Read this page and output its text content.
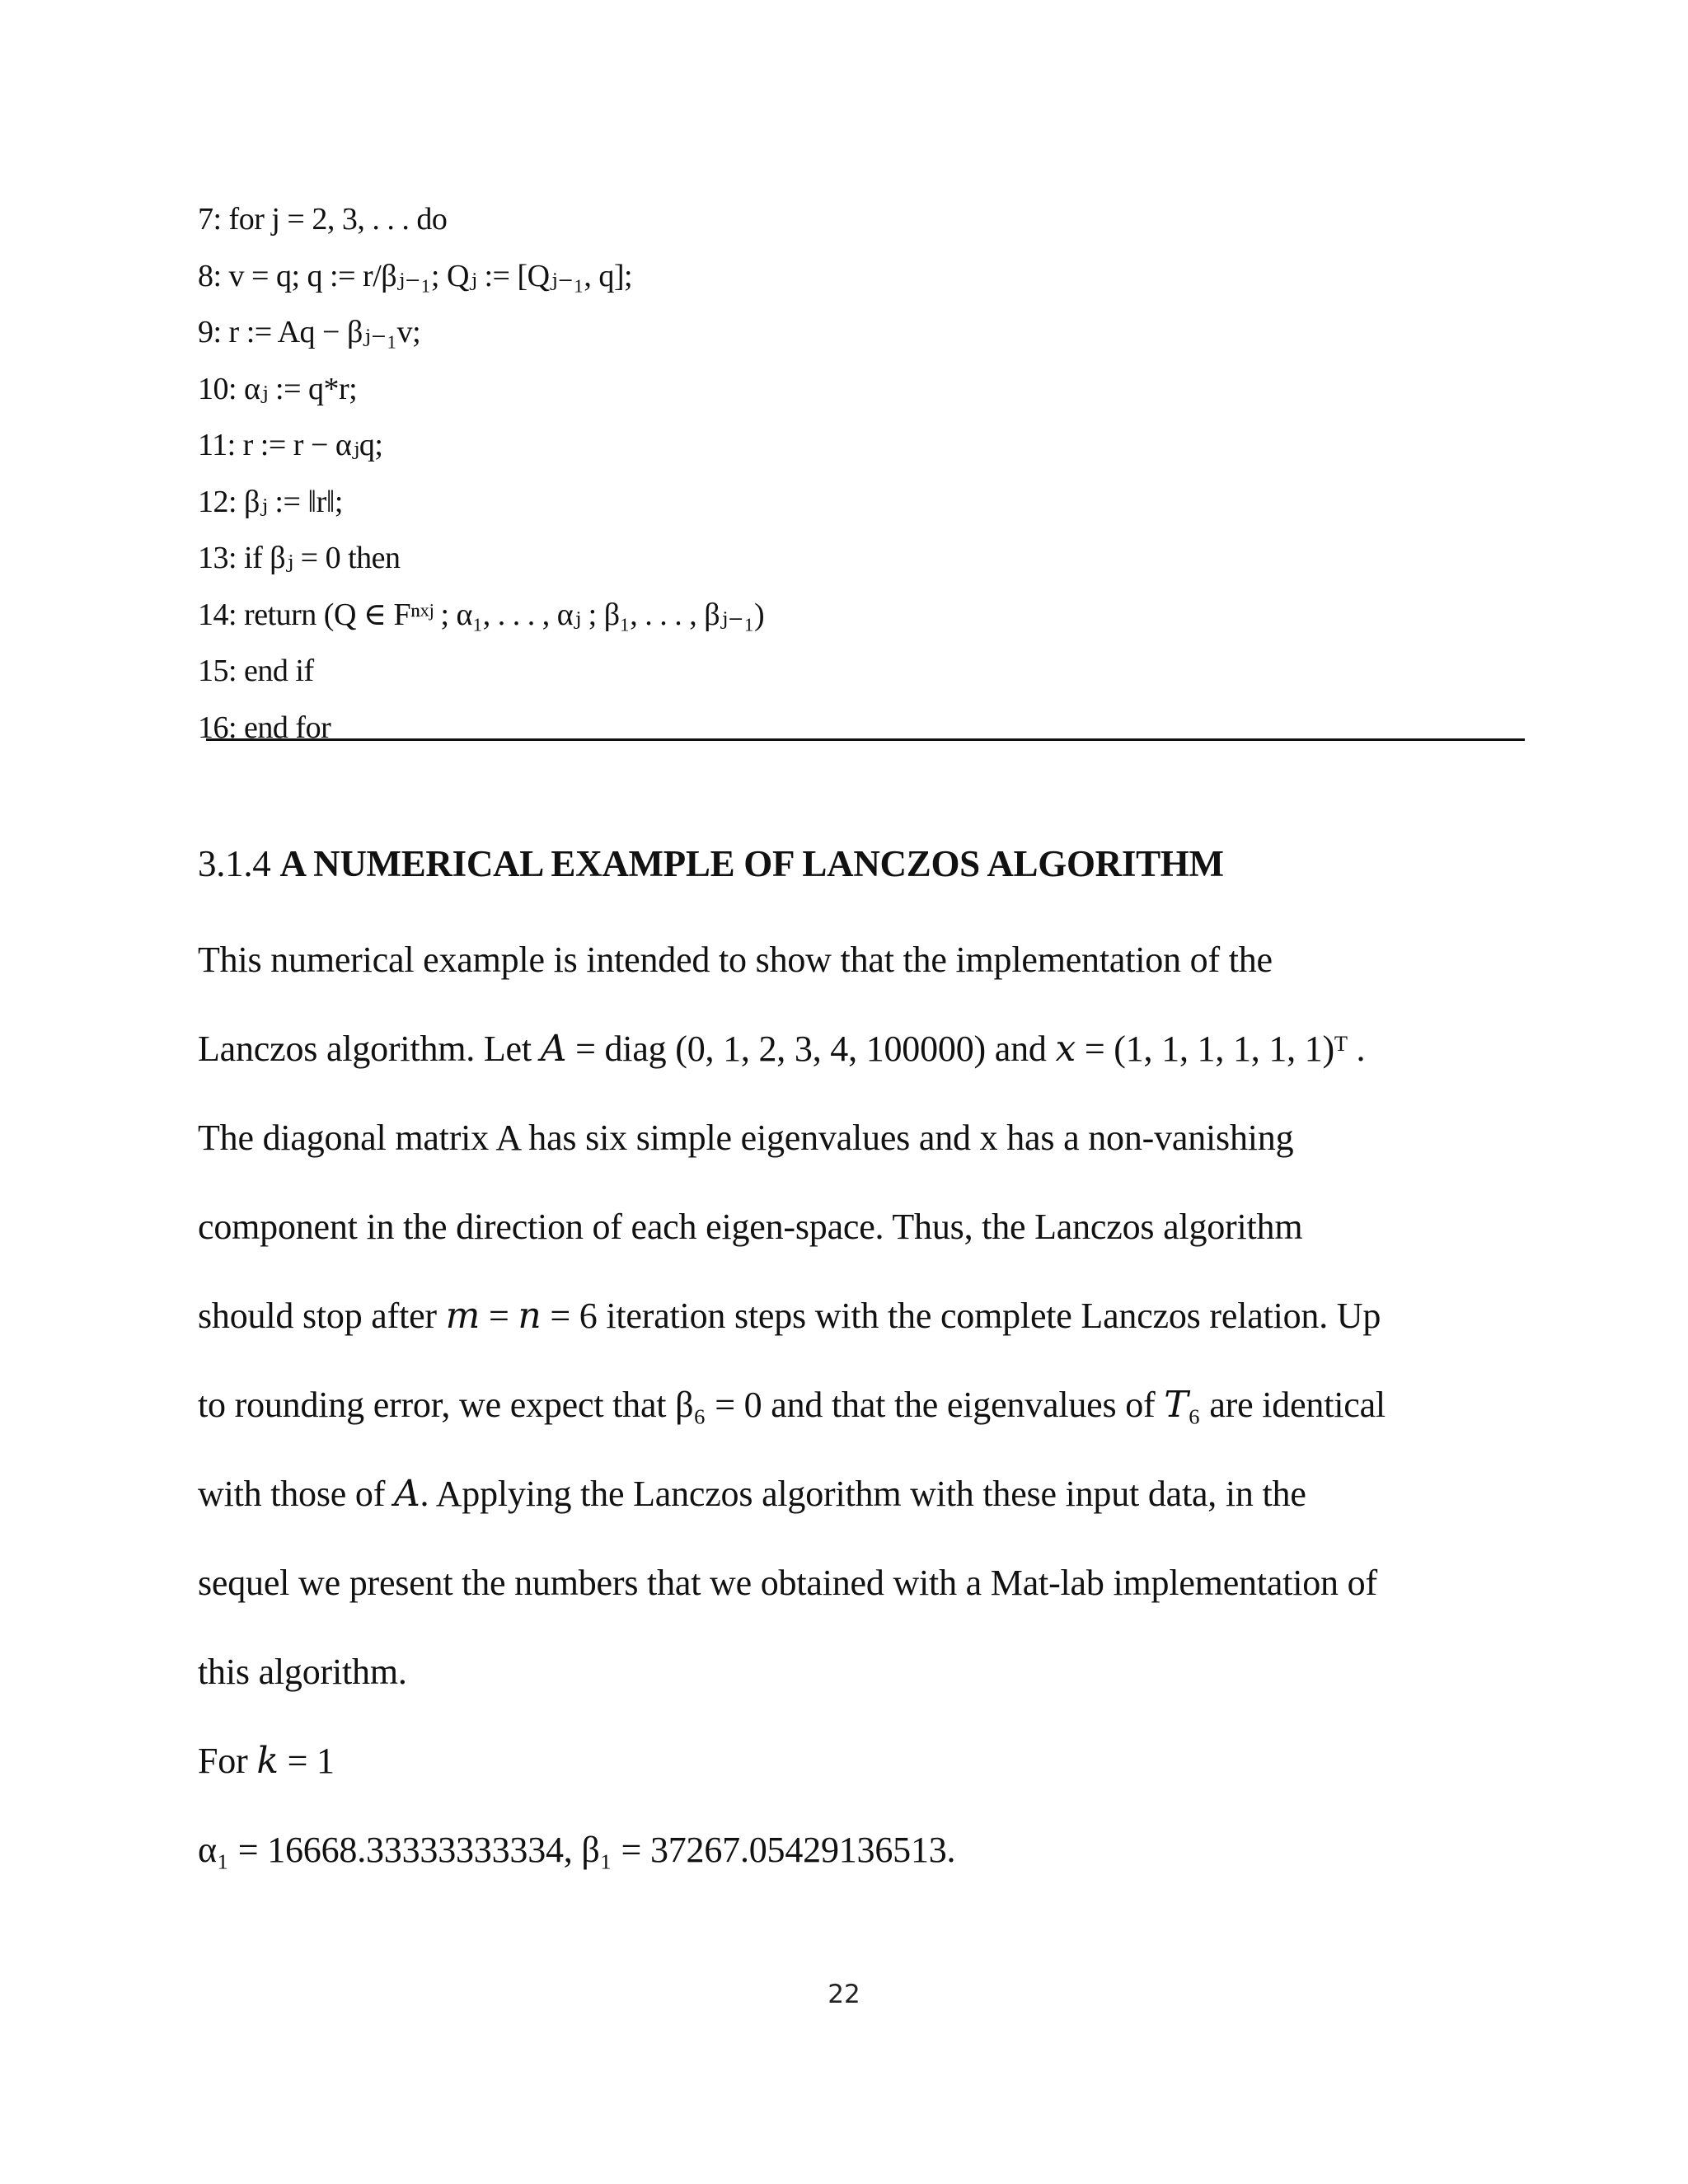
7: for j = 2, 3, . . . do
8: v = q; q := r/βⱼ₋₁; Qⱼ := [Qⱼ₋₁, q];
9: r := Aq − βⱼ₋₁v;
10: αⱼ := q*r;
11: r := r − αⱼq;
12: βⱼ := ‖r‖;
13: if βⱼ = 0 then
14: return (Q ∈ Fⁿˣʲ ; α₁, . . . , αⱼ ; β₁, . . . , βⱼ₋₁)
15: end if
16: end for
3.1.4 A NUMERICAL EXAMPLE OF LANCZOS ALGORITHM
This numerical example is intended to show that the implementation of the
Lanczos algorithm. Let 𝐴 = diag (0, 1, 2, 3, 4, 100000) and 𝑥 = (1, 1, 1, 1, 1, 1)ᵀ .
The diagonal matrix A has six simple eigenvalues and x has a non-vanishing
component in the direction of each eigen-space. Thus, the Lanczos algorithm
should stop after 𝑚 = 𝑛 = 6 iteration steps with the complete Lanczos relation. Up
to rounding error, we expect that β₆ = 0 and that the eigenvalues of 𝑇₆ are identical
with those of 𝐴. Applying the Lanczos algorithm with these input data, in the
sequel we present the numbers that we obtained with a Mat-lab implementation of
this algorithm.
For 𝑘 = 1
α₁ = 16668.33333333334, β₁ = 37267.05429136513.
22
